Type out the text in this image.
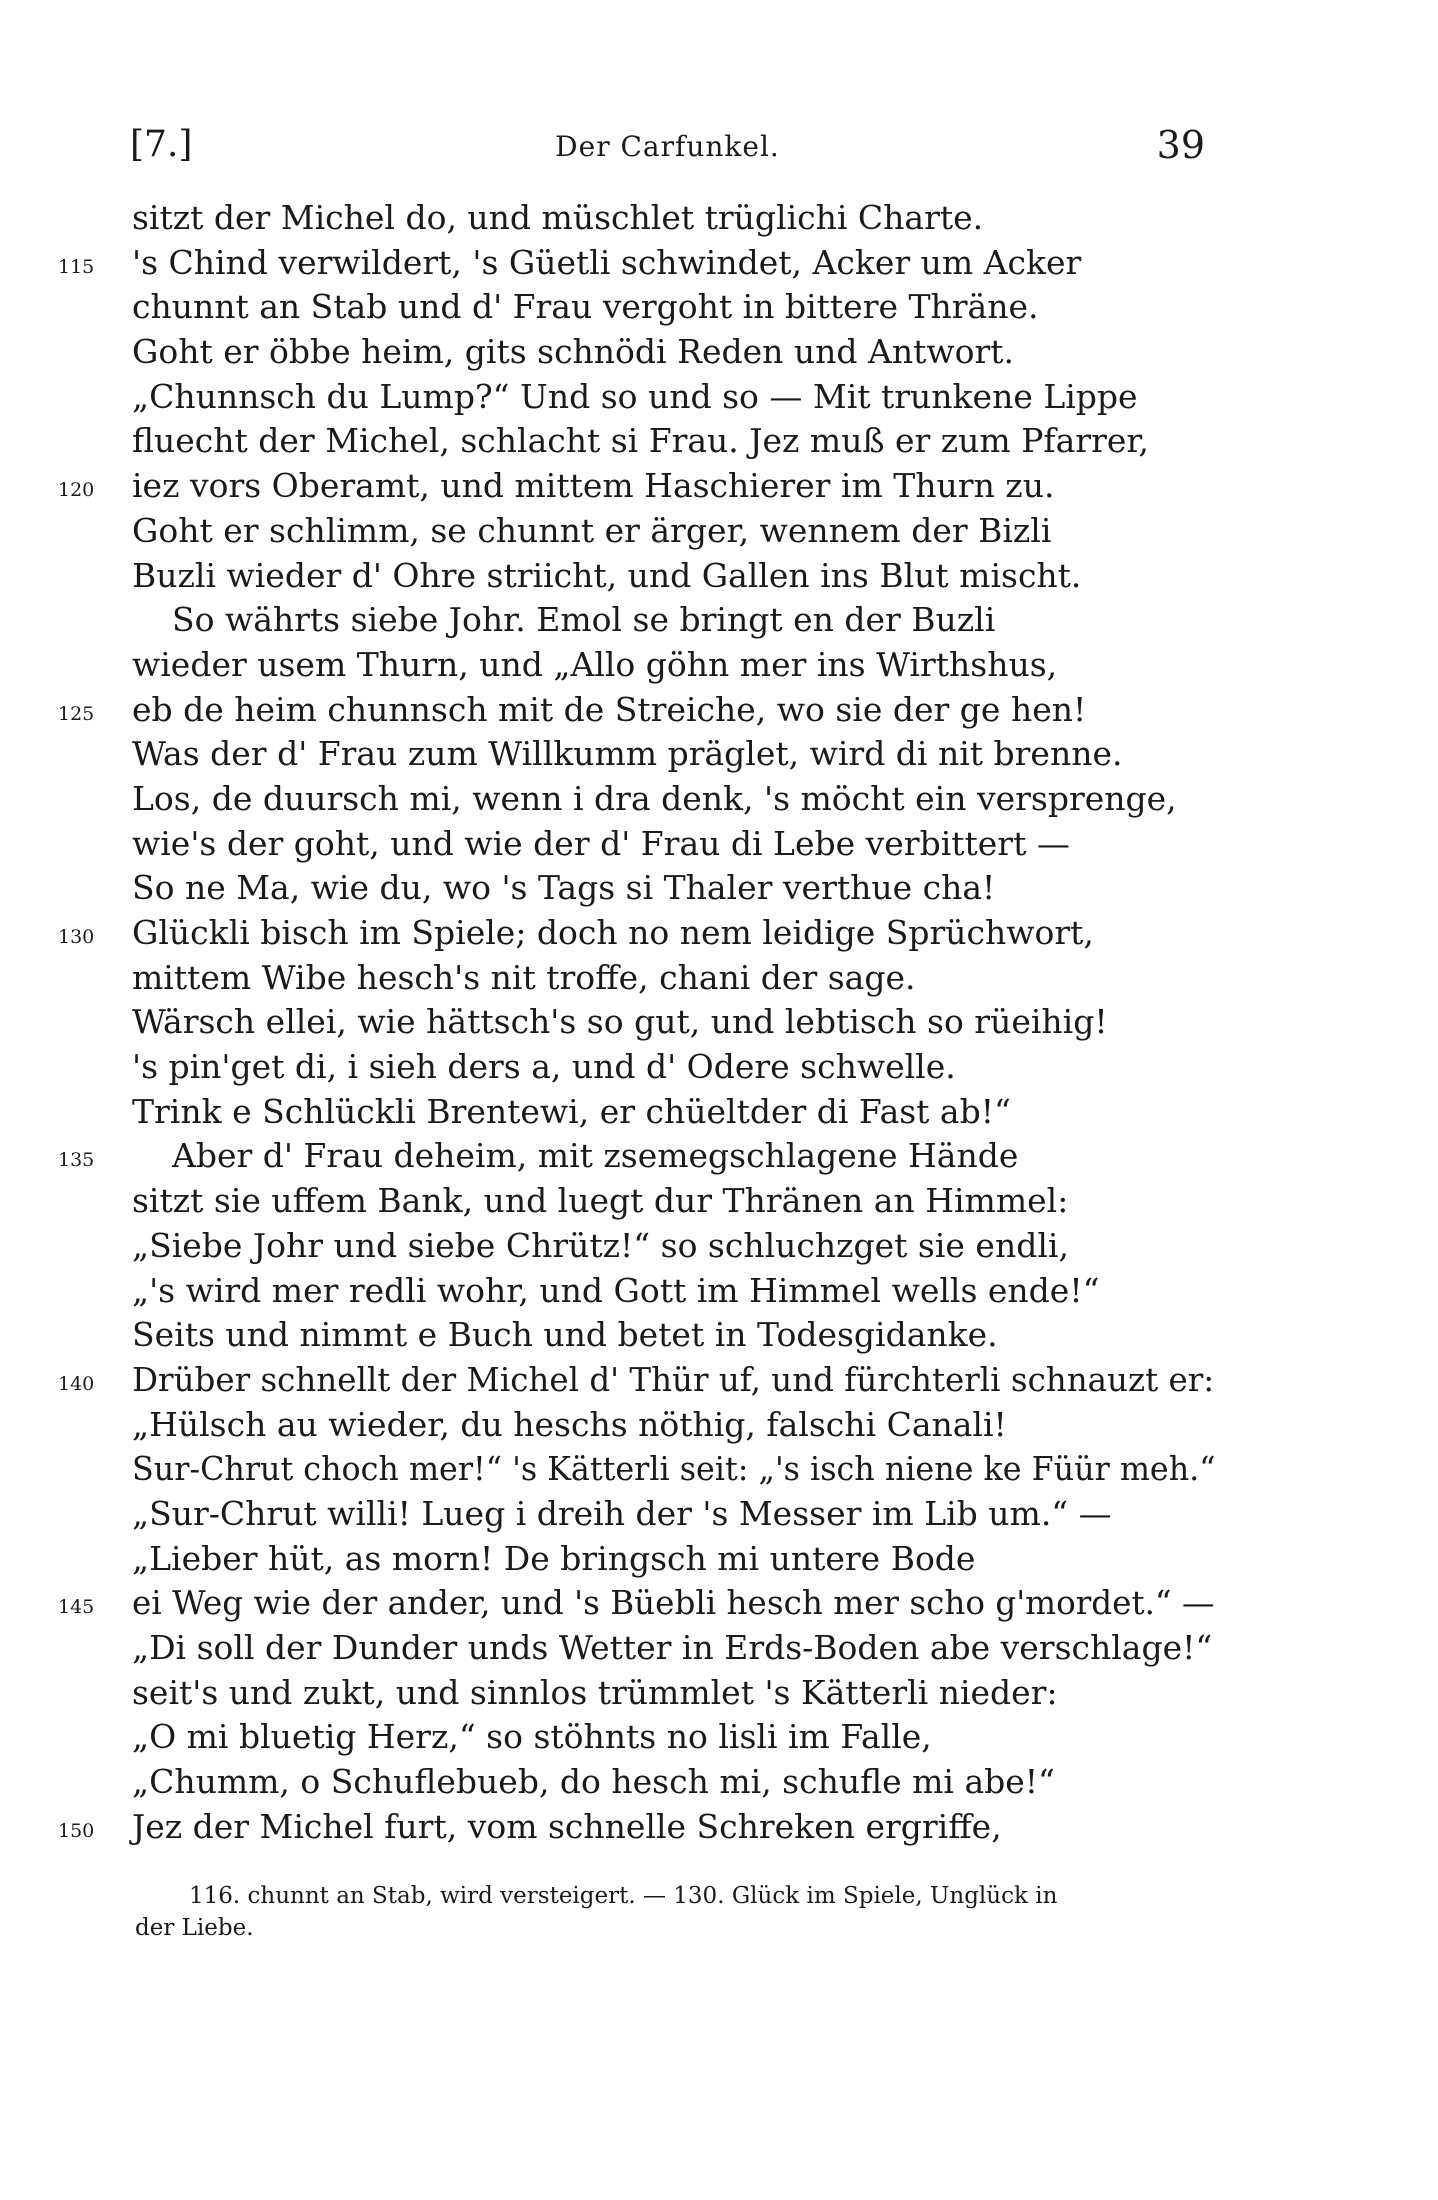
[7.]	Der Carfunkel.	39
sitzt der Michel do, und müschlet trüglichi Charte.
115	's Chind verwildert, 's Güetli schwindet, Acker um Acker
chunnt an Stab und d' Frau vergoht in bittere Thräne.
Goht er öbbe heim, gits schnödi Reden und Antwort.
„Chunnsch du Lump?“ Und so und so — Mit trunkene Lippe
fluecht der Michel, schlacht si Frau. Jez muß er zum Pfarrer,
120	iez vors Oberamt, und mittem Haschierer im Thurn zu.
Goht er schlimm, se chunnt er ärger, wennem der Bizli
Buzli wieder d' Ohre striicht, und Gallen ins Blut mischt.
So währts siebe Johr. Emol se bringt en der Buzli
wieder usem Thurn, und „Allo göhn mer ins Wirthshus,
125	eb de heim chunnsch mit de Streiche, wo sie der ge hen!
Was der d' Frau zum Willkumm präglet, wird di nit brenne.
Los, de duursch mi, wenn i dra denk, 's möcht ein versprenge,
wie's der goht, und wie der d' Frau di Lebe verbittert —
So ne Ma, wie du, wo 's Tags si Thaler verthue cha!
130	Glückli bisch im Spiele; doch no nem leidige Sprüchwort,
mittem Wibe hesch's nit troffe, chani der sage.
Wärsch ellei, wie hättsch's so gut, und lebtisch so rüeihig!
's pin'get di, i sieh ders a, und d' Odere schwelle.
Trink e Schlückli Brentewi, er chüeltder di Fast ab!“
135	Aber d' Frau deheim, mit zsemegschlagene Hände
sitzt sie uffem Bank, und luegt dur Thränen an Himmel:
„Siebe Johr und siebe Chrütz!“ so schluchzget sie endli,
„'s wird mer redli wohr, und Gott im Himmel wells ende!“
Seits und nimmt e Buch und betet in Todesgidanke.
140	Drüber schnellt der Michel d' Thür uf, und fürchterli schnauzt er:
„Hülsch au wieder, du heschs nöthig, falschi Canali!
Sur-Chrut choch mer!“ 's Kätterli seit: „'s isch niene ke Füür meh.“
„Sur-Chrut willi! Lueg i dreih der 's Messer im Lib um.“ —
„Lieber hüt, as morn! De bringsch mi untere Bode
145	ei Weg wie der ander, und 's Büebli hesch mer scho g'mordet.“ —
„Di soll der Dunder unds Wetter in Erds-Boden abe verschlage!“
seit's und zukt, und sinnlos trümmlet 's Kätterli nieder:
„O mi bluetig Herz,“ so stöhnts no lisli im Falle,
„Chumm, o Schuflebueb, do hesch mi, schufle mi abe!“
150	Jez der Michel furt, vom schnelle Schreken ergriffe,
116. chunnt an Stab, wird versteigert. — 130. Glück im Spiele, Unglück in
der Liebe.
